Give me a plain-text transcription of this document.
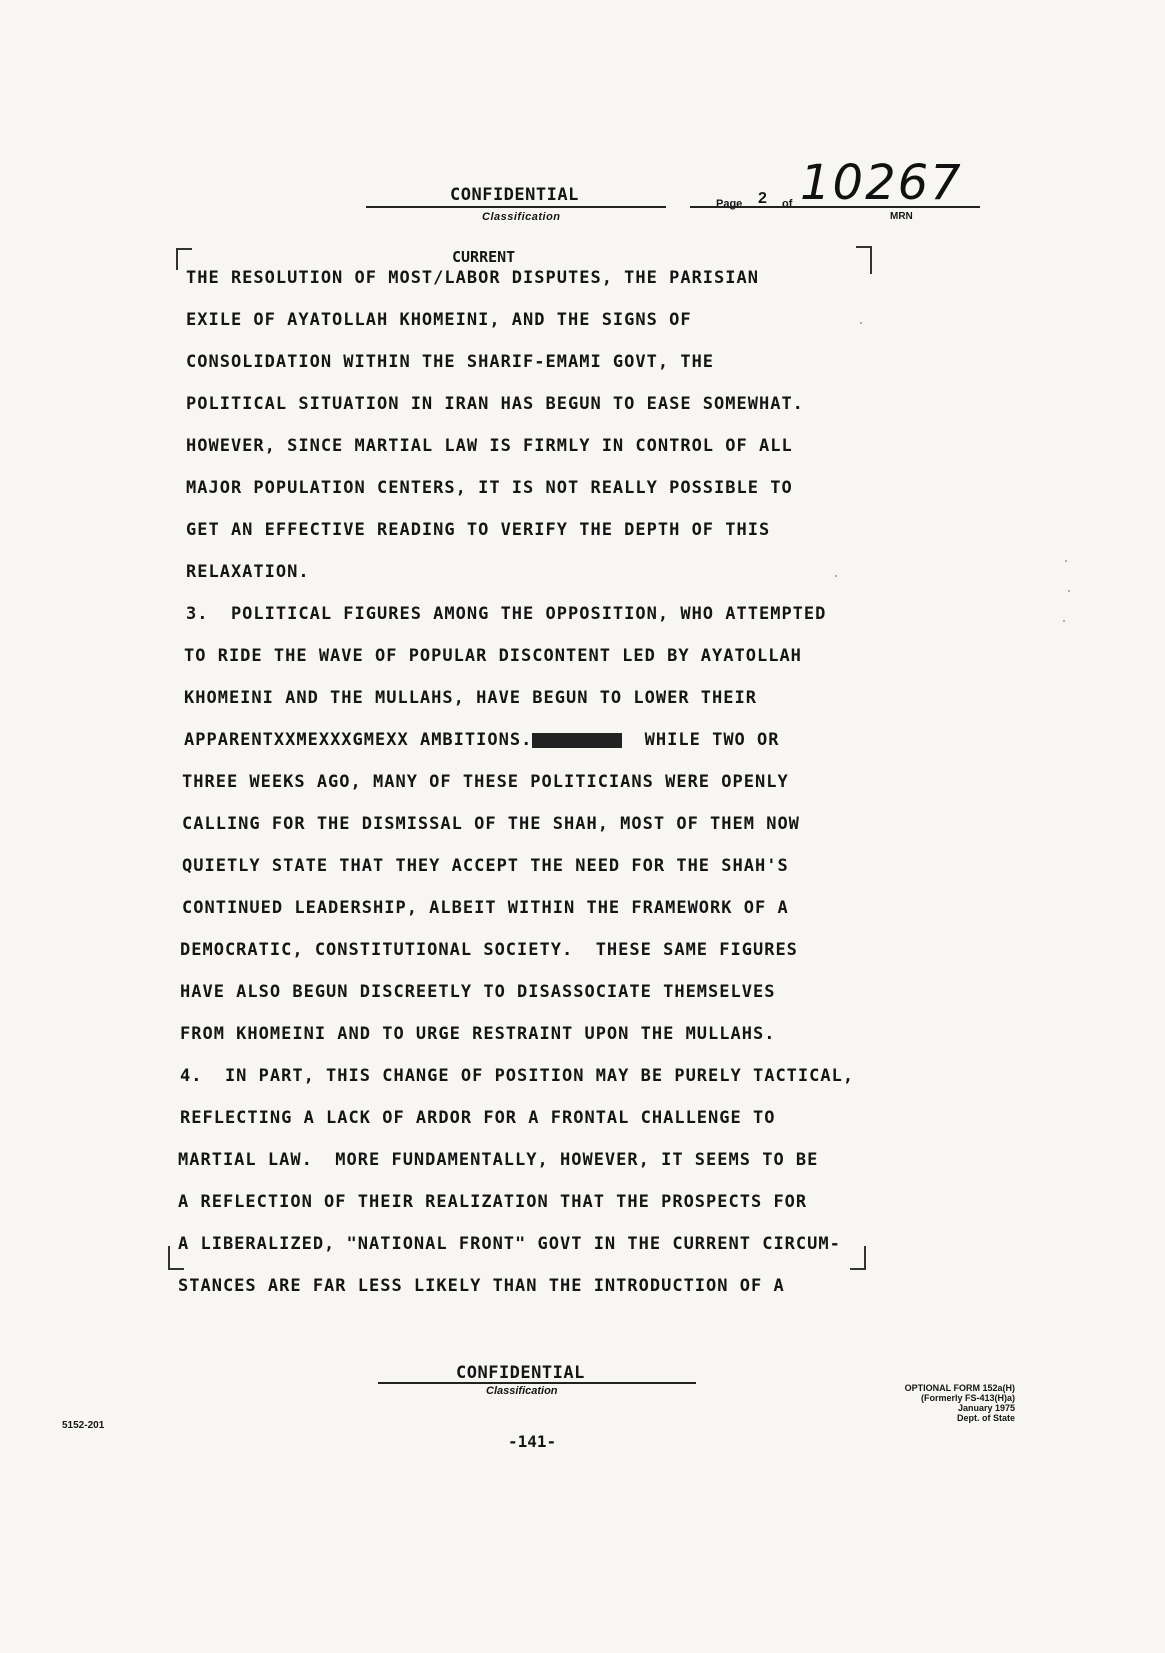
CONFIDENTIAL
Classification
Page 2 of 10267
MRN
CURRENT
THE RESOLUTION OF MOST/LABOR DISPUTES, THE PARISIAN
EXILE OF AYATOLLAH KHOMEINI, AND THE SIGNS OF
CONSOLIDATION WITHIN THE SHARIF-EMAMI GOVT, THE
POLITICAL SITUATION IN IRAN HAS BEGUN TO EASE SOMEWHAT.
HOWEVER, SINCE MARTIAL LAW IS FIRMLY IN CONTROL OF ALL
MAJOR POPULATION CENTERS, IT IS NOT REALLY POSSIBLE TO
GET AN EFFECTIVE READING TO VERIFY THE DEPTH OF THIS
RELAXATION.
3.  POLITICAL FIGURES AMONG THE OPPOSITION, WHO ATTEMPTED
TO RIDE THE WAVE OF POPULAR DISCONTENT LED BY AYATOLLAH
KHOMEINI AND THE MULLAHS, HAVE BEGUN TO LOWER THEIR
APPARENTXXMEXXXGMEXX AMBITIONS.XXXXXXXX  WHILE TWO OR
THREE WEEKS AGO, MANY OF THESE POLITICIANS WERE OPENLY
CALLING FOR THE DISMISSAL OF THE SHAH, MOST OF THEM NOW
QUIETLY STATE THAT THEY ACCEPT THE NEED FOR THE SHAH'S
CONTINUED LEADERSHIP, ALBEIT WITHIN THE FRAMEWORK OF A
DEMOCRATIC, CONSTITUTIONAL SOCIETY.  THESE SAME FIGURES
HAVE ALSO BEGUN DISCREETLY TO DISASSOCIATE THEMSELVES
FROM KHOMEINI AND TO URGE RESTRAINT UPON THE MULLAHS.
4.  IN PART, THIS CHANGE OF POSITION MAY BE PURELY TACTICAL,
REFLECTING A LACK OF ARDOR FOR A FRONTAL CHALLENGE TO
MARTIAL LAW.  MORE FUNDAMENTALLY, HOWEVER, IT SEEMS TO BE
A REFLECTION OF THEIR REALIZATION THAT THE PROSPECTS FOR
A LIBERALIZED, "NATIONAL FRONT" GOVT IN THE CURRENT CIRCUM-
STANCES ARE FAR LESS LIKELY THAN THE INTRODUCTION OF A
CONFIDENTIAL
Classification	OPTIONAL FORM 152a(H)
(Formerly FS-413(H)a)
January 1975
Dept. of State
5152-201
-141-
